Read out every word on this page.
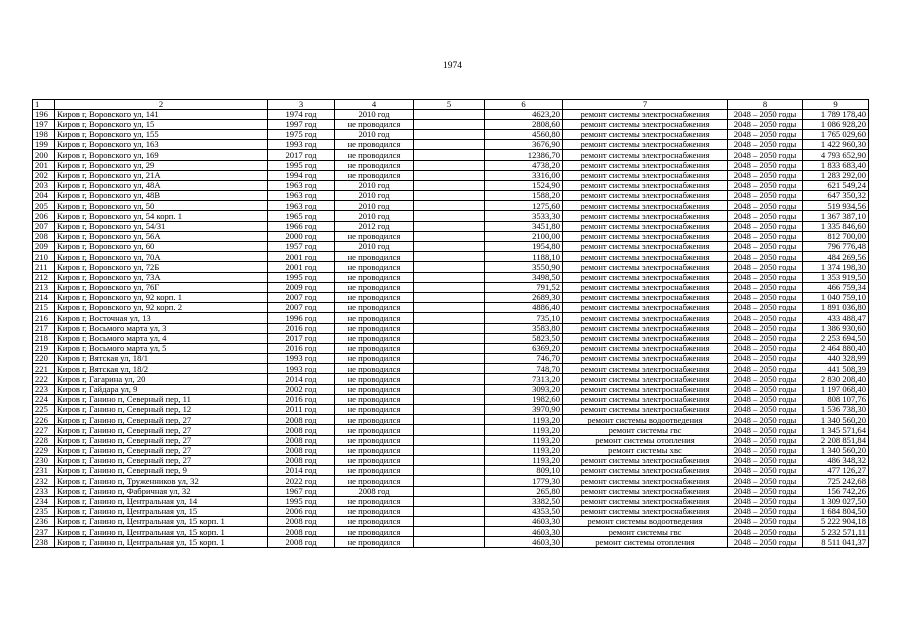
1974
1	2	3	4	5	6	7	8	9
196	Киров г, Воровского ул, 141	1974 год	2010 год		4623,20	ремонт системы электроснабжения	2048 – 2050 годы	1 789 178,40
197	Киров г, Воровского ул, 15	1997 год	не проводился		2808,60	ремонт системы электроснабжения	2048 – 2050 годы	1 086 928,20
198	Киров г, Воровского ул, 155	1975 год	2010 год		4560,80	ремонт системы электроснабжения	2048 – 2050 годы	1 765 029,60
199	Киров г, Воровского ул, 163	1993 год	не проводился		3676,90	ремонт системы электроснабжения	2048 – 2050 годы	1 422 960,30
200	Киров г, Воровского ул, 169	2017 год	не проводился		12386,70	ремонт системы электроснабжения	2048 – 2050 годы	4 793 652,90
201	Киров г, Воровского ул, 29	1995 год	не проводился		4738,20	ремонт системы электроснабжения	2048 – 2050 годы	1 833 683,40
202	Киров г, Воровского ул, 21А	1994 год	не проводился		3316,00	ремонт системы электроснабжения	2048 – 2050 годы	1 283 292,00
203	Киров г, Воровского ул, 48А	1963 год	2010 год		1524,90	ремонт системы электроснабжения	2048 – 2050 годы	621 549,24
204	Киров г, Воровского ул, 48В	1963 год	2010 год		1588,20	ремонт системы электроснабжения	2048 – 2050 годы	647 350,32
205	Киров г, Воровского ул, 50	1963 год	2010 год		1275,60	ремонт системы электроснабжения	2048 – 2050 годы	519 934,56
206	Киров г, Воровского ул, 54 корп. 1	1965 год	2010 год		3533,30	ремонт системы электроснабжения	2048 – 2050 годы	1 367 387,10
207	Киров г, Воровского ул, 54/31	1966 год	2012 год		3451,80	ремонт системы электроснабжения	2048 – 2050 годы	1 335 846,60
208	Киров г, Воровского ул, 56А	2000 год	не проводился		2100,00	ремонт системы электроснабжения	2048 – 2050 годы	812 700,00
209	Киров г, Воровского ул, 60	1957 год	2010 год		1954,80	ремонт системы электроснабжения	2048 – 2050 годы	796 776,48
210	Киров г, Воровского ул, 70А	2001 год	не проводился		1188,10	ремонт системы электроснабжения	2048 – 2050 годы	484 269,56
211	Киров г, Воровского ул, 72Б	2001 год	не проводился		3550,90	ремонт системы электроснабжения	2048 – 2050 годы	1 374 198,30
212	Киров г, Воровского ул, 73А	1995 год	не проводился		3498,50	ремонт системы электроснабжения	2048 – 2050 годы	1 353 919,50
213	Киров г, Воровского ул, 76Г	2009 год	не проводился		791,52	ремонт системы электроснабжения	2048 – 2050 годы	466 759,34
214	Киров г, Воровского ул, 92 корп. 1	2007 год	не проводился		2689,30	ремонт системы электроснабжения	2048 – 2050 годы	1 040 759,10
215	Киров г, Воровского ул, 92 корп. 2	2007 год	не проводился		4886,40	ремонт системы электроснабжения	2048 – 2050 годы	1 891 036,80
216	Киров г, Восточная ул, 13	1996 год	не проводился		735,10	ремонт системы электроснабжения	2048 – 2050 годы	433 488,47
217	Киров г, Восьмого марта ул, 3	2016 год	не проводился		3583,80	ремонт системы электроснабжения	2048 – 2050 годы	1 386 930,60
218	Киров г, Восьмого марта ул, 4	2017 год	не проводился		5823,50	ремонт системы электроснабжения	2048 – 2050 годы	2 253 694,50
219	Киров г, Восьмого марта ул, 5	2016 год	не проводился		6369,20	ремонт системы электроснабжения	2048 – 2050 годы	2 464 880,40
220	Киров г, Вятская ул, 18/1	1993 год	не проводился		746,70	ремонт системы электроснабжения	2048 – 2050 годы	440 328,99
221	Киров г, Вятская ул, 18/2	1993 год	не проводился		748,70	ремонт системы электроснабжения	2048 – 2050 годы	441 508,39
222	Киров г, Гагарина ул, 20	2014 год	не проводился		7313,20	ремонт системы электроснабжения	2048 – 2050 годы	2 830 208,40
223	Киров г, Гайдара ул, 9	2002 год	не проводился		3093,20	ремонт системы электроснабжения	2048 – 2050 годы	1 197 068,40
224	Киров г, Ганино п, Северный пер, 11	2016 год	не проводился		1982,60	ремонт системы электроснабжения	2048 – 2050 годы	808 107,76
225	Киров г, Ганино п, Северный пер, 12	2011 год	не проводился		3970,90	ремонт системы электроснабжения	2048 – 2050 годы	1 536 738,30
226	Киров г, Ганино п, Северный пер, 27	2008 год	не проводился		1193,20	ремонт системы водоотведения	2048 – 2050 годы	1 340 560,20
227	Киров г, Ганино п, Северный пер, 27	2008 год	не проводился		1193,20	ремонт системы гвс	2048 – 2050 годы	1 345 571,64
228	Киров г, Ганино п, Северный пер, 27	2008 год	не проводился		1193,20	ремонт системы отопления	2048 – 2050 годы	2 208 851,84
229	Киров г, Ганино п, Северный пер, 27	2008 год	не проводился		1193,20	ремонт системы хвс	2048 – 2050 годы	1 340 560,20
230	Киров г, Ганино п, Северный пер, 27	2008 год	не проводился		1193,20	ремонт системы электроснабжения	2048 – 2050 годы	486 348,32
231	Киров г, Ганино п, Северный пер, 9	2014 год	не проводился		809,10	ремонт системы электроснабжения	2048 – 2050 годы	477 126,27
232	Киров г, Ганино п, Труженников ул, 32	2022 год	не проводился		1779,30	ремонт системы электроснабжения	2048 – 2050 годы	725 242,68
233	Киров г, Ганино п, Фабричная ул, 32	1967 год	2008 год		265,80	ремонт системы электроснабжения	2048 – 2050 годы	156 742,26
234	Киров г, Ганино п, Центральная ул, 14	1995 год	не проводился		3382,50	ремонт системы электроснабжения	2048 – 2050 годы	1 309 027,50
235	Киров г, Ганино п, Центральная ул, 15	2006 год	не проводился		4353,50	ремонт системы электроснабжения	2048 – 2050 годы	1 684 804,50
236	Киров г, Ганино п, Центральная ул, 15 корп. 1	2008 год	не проводился		4603,30	ремонт системы водоотведения	2048 – 2050 годы	5 222 904,18
237	Киров г, Ганино п, Центральная ул, 15 корп. 1	2008 год	не проводился		4603,30	ремонт системы гвс	2048 – 2050 годы	5 232 571,11
238	Киров г, Ганино п, Центральная ул, 15 корп. 1	2008 год	не проводился		4603,30	ремонт системы отопления	2048 – 2050 годы	8 511 041,37
